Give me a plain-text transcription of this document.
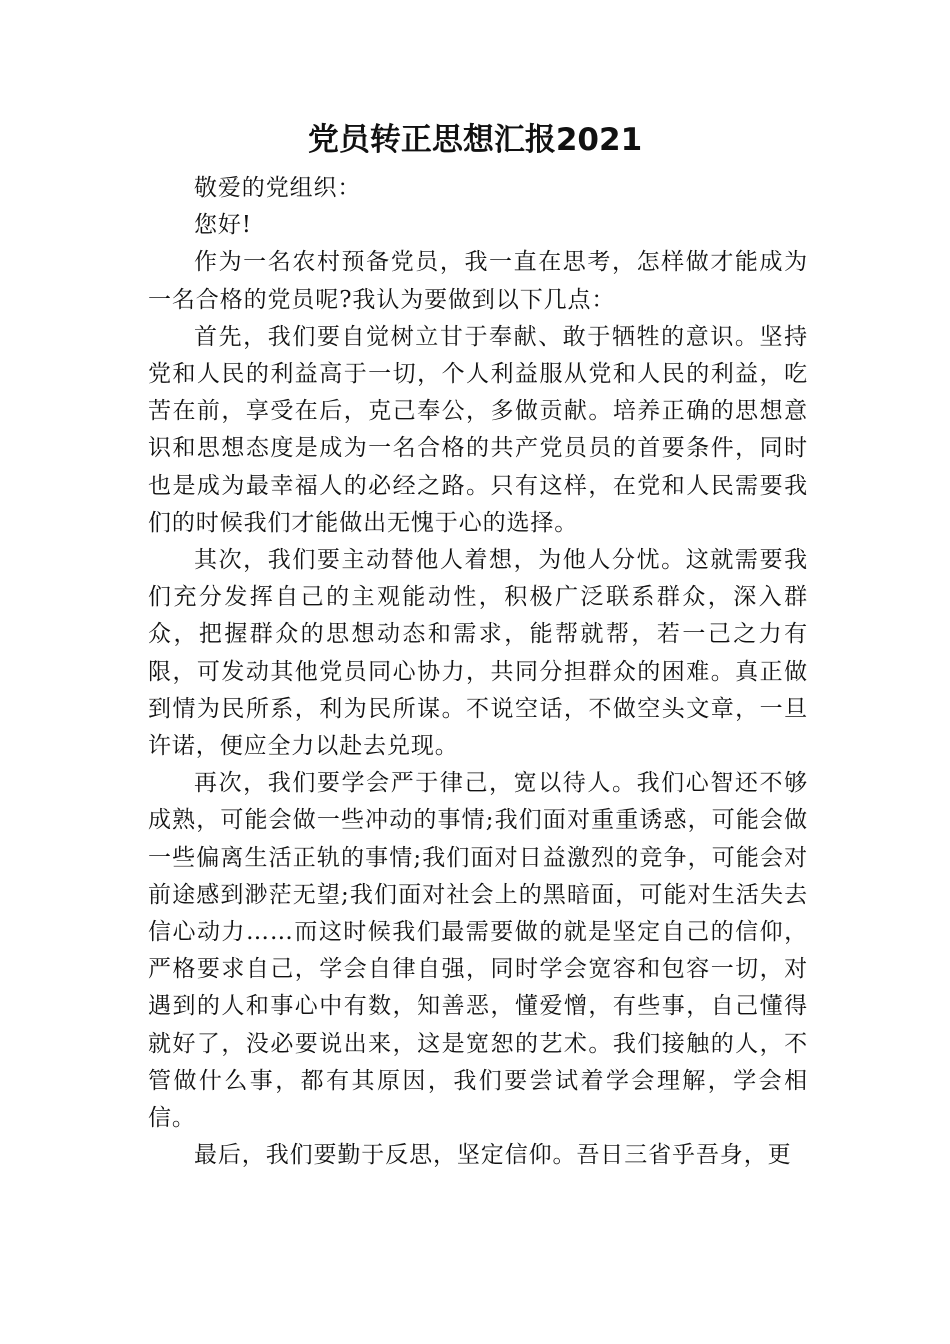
党员转正思想汇报2021

敬爱的党组织：

您好!

作为一名农村预备党员，我一直在思考，怎样做才能成为一名合格的党员呢?我认为要做到以下几点：

首先，我们要自觉树立甘于奉献、敢于牺牲的意识。坚持党和人民的利益高于一切，个人利益服从党和人民的利益，吃苦在前，享受在后，克己奉公，多做贡献。培养正确的思想意识和思想态度是成为一名合格的共产党员员的首要条件，同时也是成为最幸福人的必经之路。只有这样，在党和人民需要我们的时候我们才能做出无愧于心的选择。

其次，我们要主动替他人着想，为他人分忧。这就需要我们充分发挥自己的主观能动性，积极广泛联系群众，深入群众，把握群众的思想动态和需求，能帮就帮，若一己之力有限，可发动其他党员同心协力，共同分担群众的困难。真正做到情为民所系，利为民所谋。不说空话，不做空头文章，一旦许诺，便应全力以赴去兑现。

再次，我们要学会严于律己，宽以待人。我们心智还不够成熟，可能会做一些冲动的事情;我们面对重重诱惑，可能会做一些偏离生活正轨的事情;我们面对日益激烈的竞争，可能会对前途感到渺茫无望;我们面对社会上的黑暗面，可能对生活失去信心动力……而这时候我们最需要做的就是坚定自己的信仰，严格要求自己，学会自律自强，同时学会宽容和包容一切，对遇到的人和事心中有数，知善恶，懂爱憎，有些事，自己懂得就好了，没必要说出来，这是宽恕的艺术。我们接触的人，不管做什么事，都有其原因，我们要尝试着学会理解，学会相信。

最后，我们要勤于反思，坚定信仰。吾日三省乎吾身，更
